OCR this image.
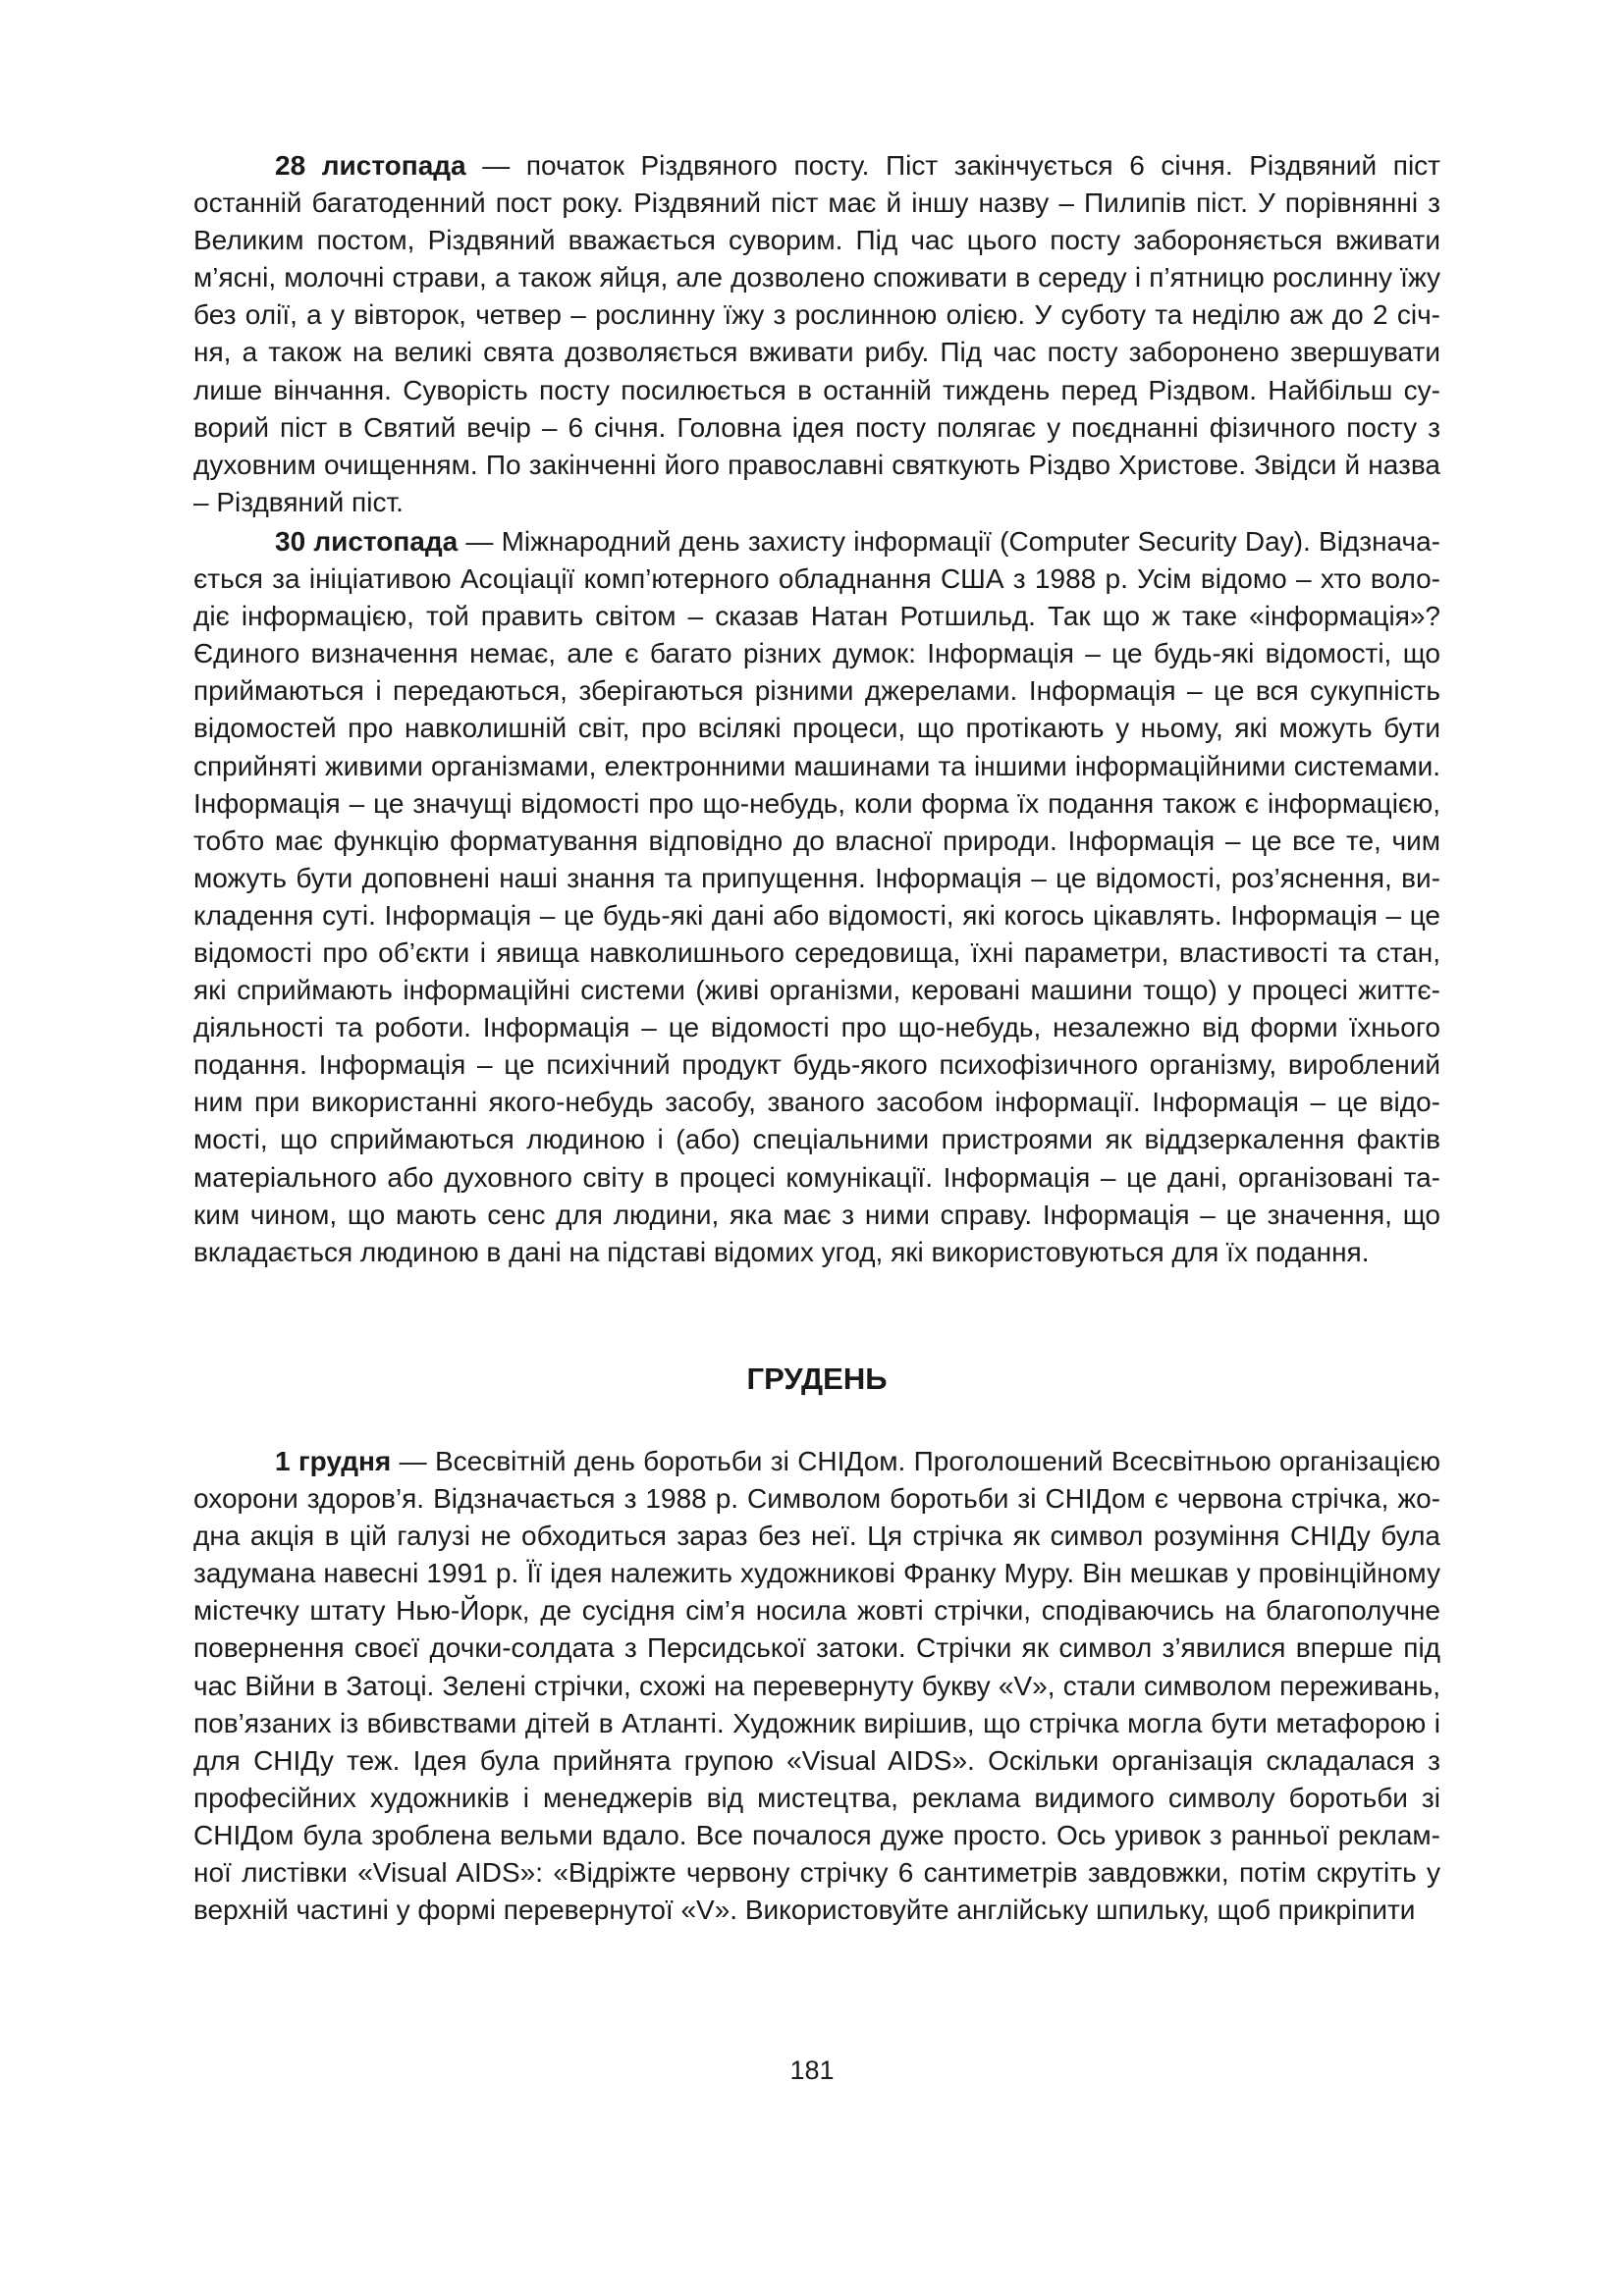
28 листопада — початок Різдвяного посту. Піст закінчується 6 січня. Різдвяний піст останній багатоденний пост року. Різдвяний піст має й іншу назву – Пилипів піст. У порівнянні з Великим постом, Різдвяний вважається суворим. Під час цього посту забороняється вживати м’ясні, молочні страви, а також яйця, але дозволено споживати в середу і п’ятницю рослинну їжу без олії, а у вівторок, четвер – рослинну їжу з рослинною олією. У суботу та неділю аж до 2 січня, а також на великі свята дозволяється вживати рибу. Під час посту заборонено звершувати лише вінчання. Суворість посту посилюється в останній тиждень перед Різдвом. Найбільш суворий піст в Святий вечір – 6 січня. Головна ідея посту полягає у поєднанні фізичного посту з духовним очищенням. По закінченні його православні святкують Різдво Христове. Звідси й назва – Різдвяний піст.

30 листопада — Міжнародний день захисту інформації (Computer Security Day). Відзначається за ініціативою Асоціації комп’ютерного обладнання США з 1988 р. Усім відомо – хто володіє інформацією, той править світом – сказав Натан Ротшильд. Так що ж таке «інформація»? Єдиного визначення немає, але є багато різних думок: Інформація – це будь-які відомості, що приймаються і передаються, зберігаються різними джерелами. Інформація – це вся сукупність відомостей про навколишній світ, про всілякі процеси, що протікають у ньому, які можуть бути сприйняті живими організмами, електронними машинами та іншими інформаційними системами. Інформація – це значущі відомості про що-небудь, коли форма їх подання також є інформацією, тобто має функцію форматування відповідно до власної природи. Інформація – це все те, чим можуть бути доповнені наші знання та припущення. Інформація – це відомості, роз’яснення, викладення суті. Інформація – це будь-які дані або відомості, які когось цікавлять. Інформація – це відомості про об’єкти і явища навколишнього середовища, їхні параметри, властивості та стан, які сприймають інформаційні системи (живі організми, керовані машини тощо) у процесі життєдіяльності та роботи. Інформація – це відомості про що-небудь, незалежно від форми їхнього подання. Інформація – це психічний продукт будь-якого психофізичного організму, вироблений ним при використанні якого-небудь засобу, званого засобом інформації. Інформація – це відомості, що сприймаються людиною і (або) спеціальними пристроями як віддзеркалення фактів матеріального або духовного світу в процесі комунікації. Інформація – це дані, організовані таким чином, що мають сенс для людини, яка має з ними справу. Інформація – це значення, що вкладається людиною в дані на підставі відомих угод, які використовуються для їх подання.

ГРУДЕНЬ

1 грудня — Всесвітній день боротьби зі СНІДом. Проголошений Всесвітньою організацією охорони здоров’я. Відзначається з 1988 р. Символом боротьби зі СНІДом є червона стрічка, жодна акція в цій галузі не обходиться зараз без неї. Ця стрічка як символ розуміння СНІДу була задумана навесні 1991 р. Її ідея належить художникові Франку Муру. Він мешкав у провінційному містечку штату Нью-Йорк, де сусідня сім’я носила жовті стрічки, сподіваючись на благополучне повернення своєї дочки-солдата з Персидської затоки. Стрічки як символ з’явилися вперше під час Війни в Затоці. Зелені стрічки, схожі на перевернуту букву «V», стали символом переживань, пов’язаних із вбивствами дітей в Атланті. Художник вирішив, що стрічка могла бути метафорою і для СНІДу теж. Ідея була прийнята групою «Visual AIDS». Оскільки організація складалася з професійних художників і менеджерів від мистецтва, реклама видимого символу боротьби зі СНІДом була зроблена вельми вдало. Все почалося дуже просто. Ось уривок з ранньої рекламної листівки «Visual AIDS»: «Відріжте червону стрічку 6 сантиметрів завдовжки, потім скрутіть у верхній частині у формі перевернутої «V». Використовуйте англійську шпильку, щоб прикріпити

181
